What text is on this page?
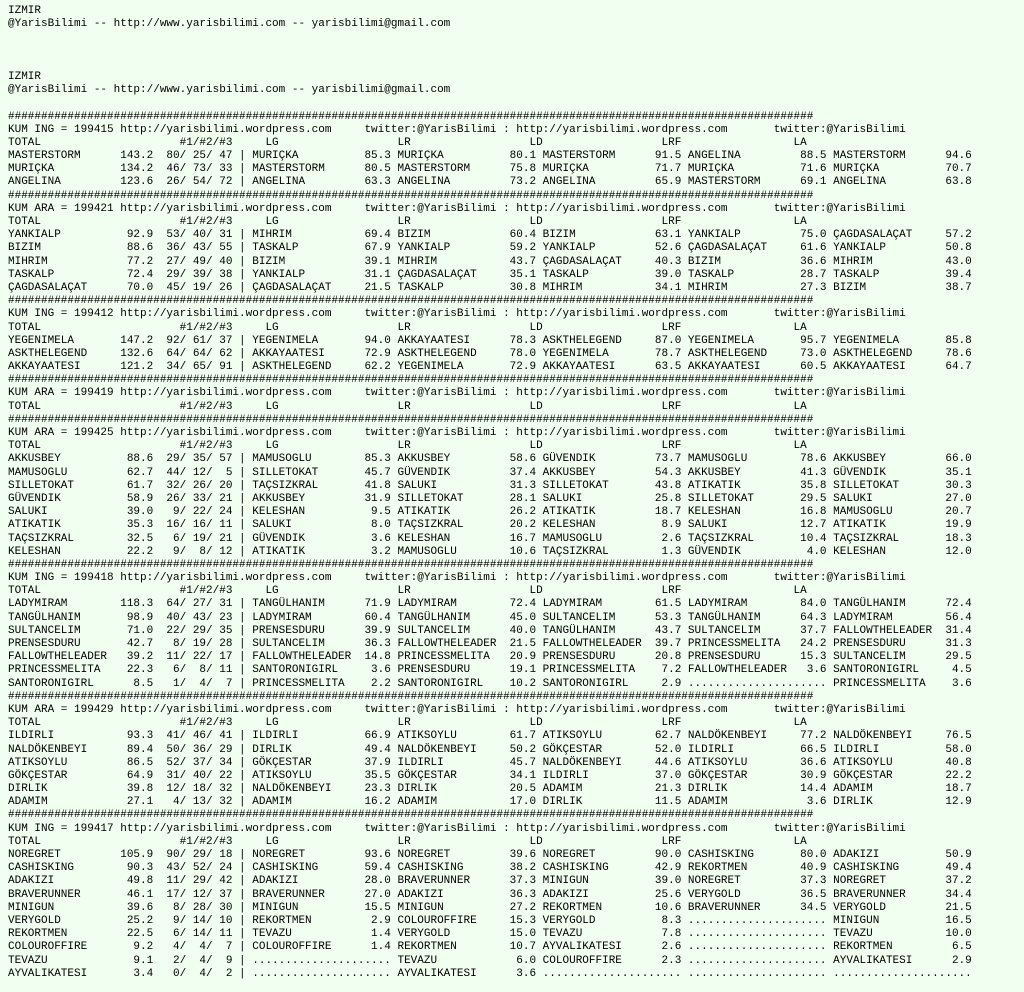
IZMIR
@YarisBilimi -- http://www.yarisbilimi.com -- yarisbilimi@gmail.com

IZMIR
@YarisBilimi -- http://www.yarisbilimi.com -- yarisbilimi@gmail.com

##########################################################################################################################
KUM ING = 199415 http://yarisbilimi.wordpress.com     twitter:@YarisBilimi : http://yarisbilimi.wordpress.com       twitter:@YarisBilimi
TOTAL                     #1/#2/#3     LG                  LR                  LD                  LRF                 LA
MASTERSTORM      143.2  80/ 25/ 47 | MURIÇKA          85.3 MURIÇKA          80.1 MASTERSTORM      91.5 ANGELINA         88.5 MASTERSTORM      94.6
MURIÇKA          134.2  46/ 73/ 33 | MASTERSTORM      80.5 MASTERSTORM      75.8 MURIÇKA          71.7 MURIÇKA          71.6 MURIÇKA          70.7
ANGELINA         123.6  26/ 54/ 72 | ANGELINA         63.3 ANGELINA         73.2 ANGELINA         65.9 MASTERSTORM      69.1 ANGELINA         63.8
##########################################################################################################################
KUM ARA = 199421 http://yarisbilimi.wordpress.com     twitter:@YarisBilimi : http://yarisbilimi.wordpress.com       twitter:@YarisBilimi
TOTAL                     #1/#2/#3     LG                  LR                  LD                  LRF                 LA
YANKIALP          92.9  53/ 40/ 31 | MIHRIM           69.4 BIZIM            60.4 BIZIM            63.1 YANKIALP         75.0 ÇAGDASALAÇAT     57.2
BIZIM             88.6  36/ 43/ 55 | TASKALP          67.9 YANKIALP         59.2 YANKIALP         52.6 ÇAGDASALAÇAT     61.6 YANKIALP         50.8
MIHRIM            77.2  27/ 49/ 40 | BIZIM            39.1 MIHRIM           43.7 ÇAGDASALAÇAT     40.3 BIZIM            36.6 MIHRIM           43.0
TASKALP           72.4  29/ 39/ 38 | YANKIALP         31.1 ÇAGDASALAÇAT     35.1 TASKALP          39.0 TASKALP          28.7 TASKALP          39.4
ÇAGDASALAÇAT      70.0  45/ 19/ 26 | ÇAGDASALAÇAT     21.5 TASKALP          30.8 MIHRIM           34.1 MIHRIM           27.3 BIZIM            38.7
##########################################################################################################################
KUM ING = 199412 http://yarisbilimi.wordpress.com     twitter:@YarisBilimi : http://yarisbilimi.wordpress.com       twitter:@YarisBilimi
TOTAL                     #1/#2/#3     LG                  LR                  LD                  LRF                 LA
YEGENIMELA       147.2  92/ 61/ 37 | YEGENIMELA       94.0 AKKAYAATESI      78.3 ASKTHELEGEND     87.0 YEGENIMELA       95.7 YEGENIMELA       85.8
ASKTHELEGEND     132.6  64/ 64/ 62 | AKKAYAATESI      72.9 ASKTHELEGEND     78.0 YEGENIMELA       78.7 ASKTHELEGEND     73.0 ASKTHELEGEND     78.6
AKKAYAATESI      121.2  34/ 65/ 91 | ASKTHELEGEND     62.2 YEGENIMELA       72.9 AKKAYAATESI      63.5 AKKAYAATESI      60.5 AKKAYAATESI      64.7
##########################################################################################################################
KUM ARA = 199419 http://yarisbilimi.wordpress.com     twitter:@YarisBilimi : http://yarisbilimi.wordpress.com       twitter:@YarisBilimi
TOTAL                     #1/#2/#3     LG                  LR                  LD                  LRF                 LA
##########################################################################################################################
KUM ARA = 199425 http://yarisbilimi.wordpress.com     twitter:@YarisBilimi : http://yarisbilimi.wordpress.com       twitter:@YarisBilimi
TOTAL                     #1/#2/#3     LG                  LR                  LD                  LRF                 LA
AKKUSBEY          88.6  29/ 35/ 57 | MAMUSOGLU        85.3 AKKUSBEY         58.6 GÜVENDIK         73.7 MAMUSOGLU        78.6 AKKUSBEY         66.0
MAMUSOGLU         62.7  44/ 12/  5 | SILLETOKAT       45.7 GÜVENDIK         37.4 AKKUSBEY         54.3 AKKUSBEY         41.3 GÜVENDIK         35.1
SILLETOKAT        61.7  32/ 26/ 20 | TAÇSIZKRAL       41.8 SALUKI           31.3 SILLETOKAT       43.8 ATIKATIK         35.8 SILLETOKAT       30.3
GÜVENDIK          58.9  26/ 33/ 21 | AKKUSBEY         31.9 SILLETOKAT       28.1 SALUKI           25.8 SILLETOKAT       29.5 SALUKI           27.0
SALUKI            39.0   9/ 22/ 24 | KELESHAN          9.5 ATIKATIK         26.2 ATIKATIK         18.7 KELESHAN         16.8 MAMUSOGLU        20.7
ATIKATIK          35.3  16/ 16/ 11 | SALUKI            8.0 TAÇSIZKRAL       20.2 KELESHAN          8.9 SALUKI           12.7 ATIKATIK         19.9
TAÇSIZKRAL        32.5   6/ 19/ 21 | GÜVENDIK          3.6 KELESHAN         16.7 MAMUSOGLU         2.6 TAÇSIZKRAL       10.4 TAÇSIZKRAL       18.3
KELESHAN          22.2   9/  8/ 12 | ATIKATIK          3.2 MAMUSOGLU        10.6 TAÇSIZKRAL        1.3 GÜVENDIK          4.0 KELESHAN         12.0
##########################################################################################################################
KUM ING = 199418 http://yarisbilimi.wordpress.com     twitter:@YarisBilimi : http://yarisbilimi.wordpress.com       twitter:@YarisBilimi
TOTAL                     #1/#2/#3     LG                  LR                  LD                  LRF                 LA
LADYMIRAM        118.3  64/ 27/ 31 | TANGÜLHANIM      71.9 LADYMIRAM        72.4 LADYMIRAM        61.5 LADYMIRAM        84.0 TANGÜLHANIM      72.4
TANGÜLHANIM       98.9  40/ 43/ 23 | LADYMIRAM        60.4 TANGÜLHANIM      45.0 SULTANCELIM      53.3 TANGÜLHANIM      64.3 LADYMIRAM        56.4
SULTANCELIM       71.0  22/ 29/ 35 | PRENSESDURU      39.9 SULTANCELIM      40.0 TANGÜLHANIM      43.7 SULTANCELIM      37.7 FALLOWTHELEADER  31.4
PRENSESDURU       42.7   8/ 19/ 28 | SULTANCELIM      36.3 FALLOWTHELEADER  21.5 FALLOWTHELEADER  39.7 PRINCESSMELITA   24.2 PRENSESDURU      31.3
FALLOWTHELEADER   39.2  11/ 22/ 17 | FALLOWTHELEADER  14.8 PRINCESSMELITA   20.9 PRENSESDURU      20.8 PRENSESDURU      15.3 SULTANCELIM      29.5
PRINCESSMELITA    22.3   6/  8/ 11 | SANTORONIGIRL     3.6 PRENSESDURU      19.1 PRINCESSMELITA    7.2 FALLOWTHELEADER   3.6 SANTORONIGIRL     4.5
SANTORONIGIRL      8.5   1/  4/  7 | PRINCESSMELITA    2.2 SANTORONIGIRL    10.2 SANTORONIGIRL     2.9 ..................... PRINCESSMELITA    3.6
##########################################################################################################################
KUM ARA = 199429 http://yarisbilimi.wordpress.com     twitter:@YarisBilimi : http://yarisbilimi.wordpress.com       twitter:@YarisBilimi
TOTAL                     #1/#2/#3     LG                  LR                  LD                  LRF                 LA
ILDIRLI           93.3  41/ 46/ 41 | ILDIRLI          66.9 ATIKSOYLU        61.7 ATIKSOYLU        62.7 NALDÖKENBEYI     77.2 NALDÖKENBEYI     76.5
NALDÖKENBEYI      89.4  50/ 36/ 29 | DIRLIK           49.4 NALDÖKENBEYI     50.2 GÖKÇESTAR        52.0 ILDIRLI          66.5 ILDIRLI          58.0
ATIKSOYLU         86.5  52/ 37/ 34 | GÖKÇESTAR        37.9 ILDIRLI          45.7 NALDÖKENBEYI     44.6 ATIKSOYLU        36.6 ATIKSOYLU        40.8
GÖKÇESTAR         64.9  31/ 40/ 22 | ATIKSOYLU        35.5 GÖKÇESTAR        34.1 ILDIRLI          37.0 GÖKÇESTAR        30.9 GÖKÇESTAR        22.2
DIRLIK            39.8  12/ 18/ 32 | NALDÖKENBEYI     23.3 DIRLIK           20.5 ADAMIM           21.3 DIRLIK           14.4 ADAMIM           18.7
ADAMIM            27.1   4/ 13/ 32 | ADAMIM           16.2 ADAMIM           17.0 DIRLIK           11.5 ADAMIM            3.6 DIRLIK           12.9
##########################################################################################################################
KUM ING = 199417 http://yarisbilimi.wordpress.com     twitter:@YarisBilimi : http://yarisbilimi.wordpress.com       twitter:@YarisBilimi
TOTAL                     #1/#2/#3     LG                  LR                  LD                  LRF                 LA
NOREGRET         105.9  90/ 29/ 18 | NOREGRET         93.6 NOREGRET         39.6 NOREGRET         90.0 CASHISKING       80.0 ADAKIZI          50.9
CASHISKING        90.3  43/ 52/ 24 | CASHISKING       59.4 CASHISKING       38.2 CASHISKING       42.9 REKORTMEN        40.9 CASHISKING       49.4
ADAKIZI           49.8  11/ 29/ 42 | ADAKIZI          28.0 BRAVERUNNER      37.3 MINIGUN          39.0 NOREGRET         37.3 NOREGRET         37.2
BRAVERUNNER       46.1  17/ 12/ 37 | BRAVERUNNER      27.0 ADAKIZI          36.3 ADAKIZI          25.6 VERYGOLD         36.5 BRAVERUNNER      34.4
MINIGUN           39.6   8/ 28/ 30 | MINIGUN          15.5 MINIGUN          27.2 REKORTMEN        10.6 BRAVERUNNER      34.5 VERYGOLD         21.5
VERYGOLD          25.2   9/ 14/ 10 | REKORTMEN         2.9 COLOUROFFIRE     15.3 VERYGOLD          8.3 ..................... MINIGUN          16.5
REKORTMEN         22.5   6/ 14/ 11 | TEVAZU            1.4 VERYGOLD         15.0 TEVAZU            7.8 ..................... TEVAZU           10.0
COLOUROFFIRE       9.2   4/  4/  7 | COLOUROFFIRE      1.4 REKORTMEN        10.7 AYVALIKATESI      2.6 ..................... REKORTMEN         6.5
TEVAZU             9.1   2/  4/  9 | ..................... TEVAZU            6.0 COLOUROFFIRE      2.3 ..................... AYVALIKATESI      2.9
AYVALIKATESI       3.4   0/  4/  2 | ..................... AYVALIKATESI      3.6 ..................... ..................... .....................
